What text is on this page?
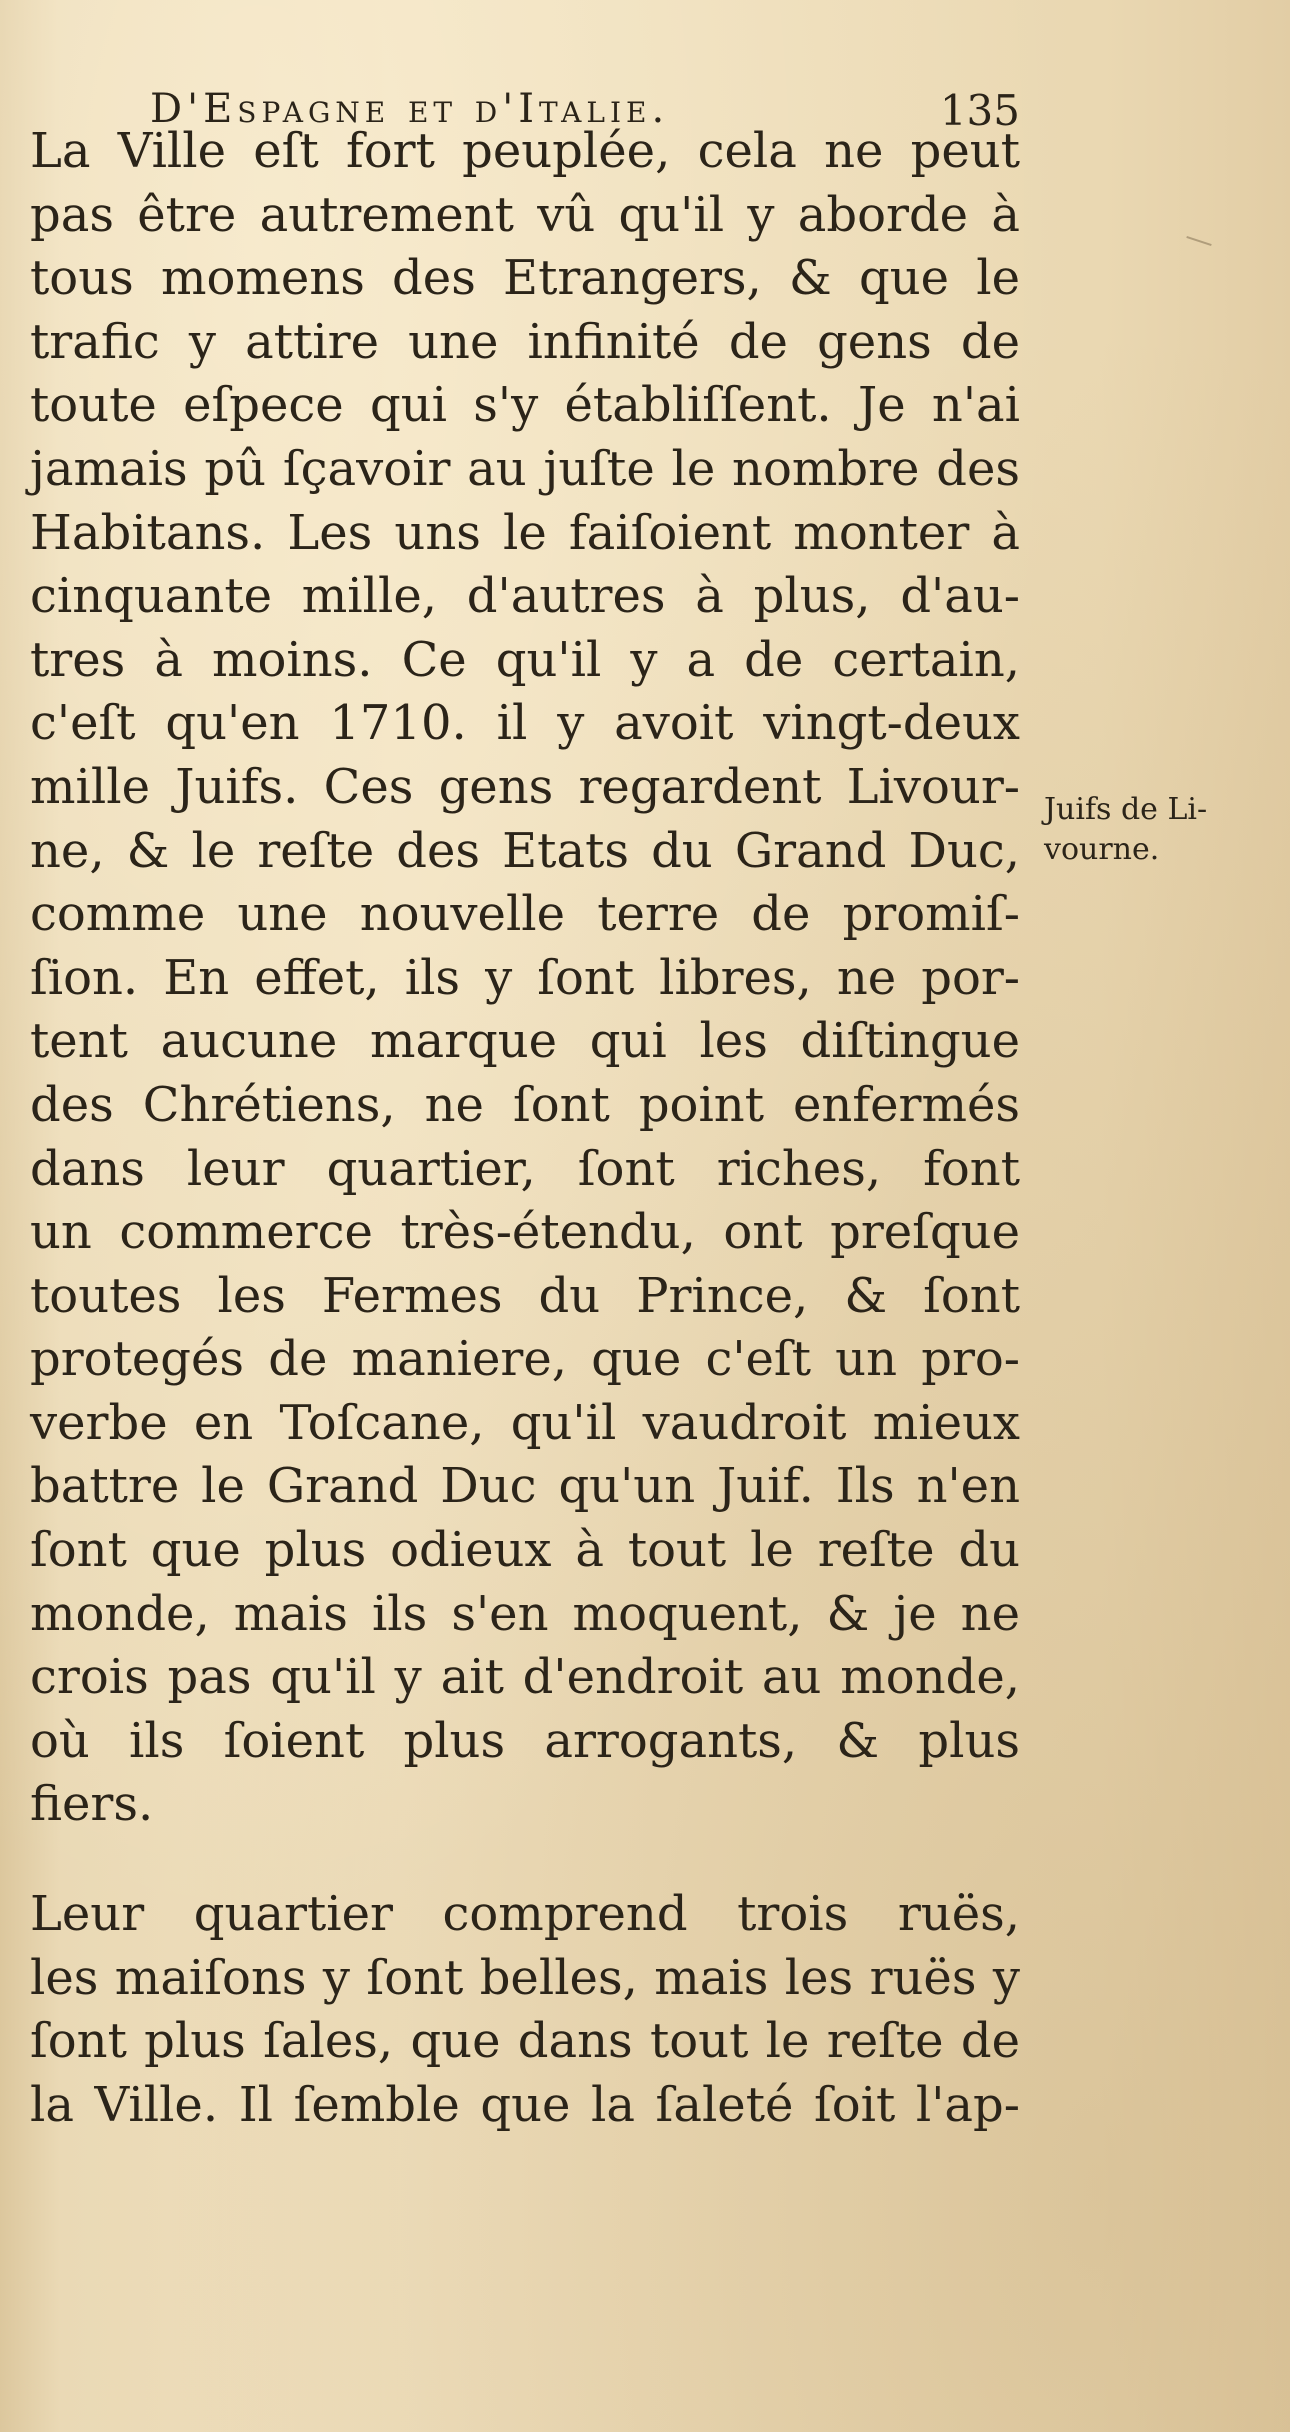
D'Espagne et d'Italie.	135
La Ville eſt fort peuplée, cela ne peut
pas être autrement vû qu'il y aborde à
tous momens des Etrangers, & que le
trafic y attire une infinité de gens de
toute eſpece qui s'y établiſſent. Je n'ai
jamais pû ſçavoir au juſte le nombre des
Habitans. Les uns le faiſoient monter à
cinquante mille, d'autres à plus, d'au-
tres à moins. Ce qu'il y a de certain,
c'eſt qu'en 1710. il y avoit vingt-deux
mille Juifs. Ces gens regardent Livour-
ne, & le reſte des Etats du Grand Duc,
comme une nouvelle terre de promiſ-
ſion. En effet, ils y ſont libres, ne por-
tent aucune marque qui les diſtingue
des Chrétiens, ne ſont point enfermés
dans leur quartier, ſont riches, font
un commerce très-étendu, ont preſque
toutes les Fermes du Prince, & ſont
protegés de maniere, que c'eſt un pro-
verbe en Toſcane, qu'il vaudroit mieux
battre le Grand Duc qu'un Juif. Ils n'en
ſont que plus odieux à tout le reſte du
monde, mais ils s'en moquent, & je ne
crois pas qu'il y ait d'endroit au monde,
où ils ſoient plus arrogants, & plus
fiers.
Leur quartier comprend trois ruës,
les maiſons y ſont belles, mais les ruës y
ſont plus ſales, que dans tout le reſte de
la Ville. Il ſemble que la ſaleté ſoit l'ap-
Juifs de Li-
vourne.
